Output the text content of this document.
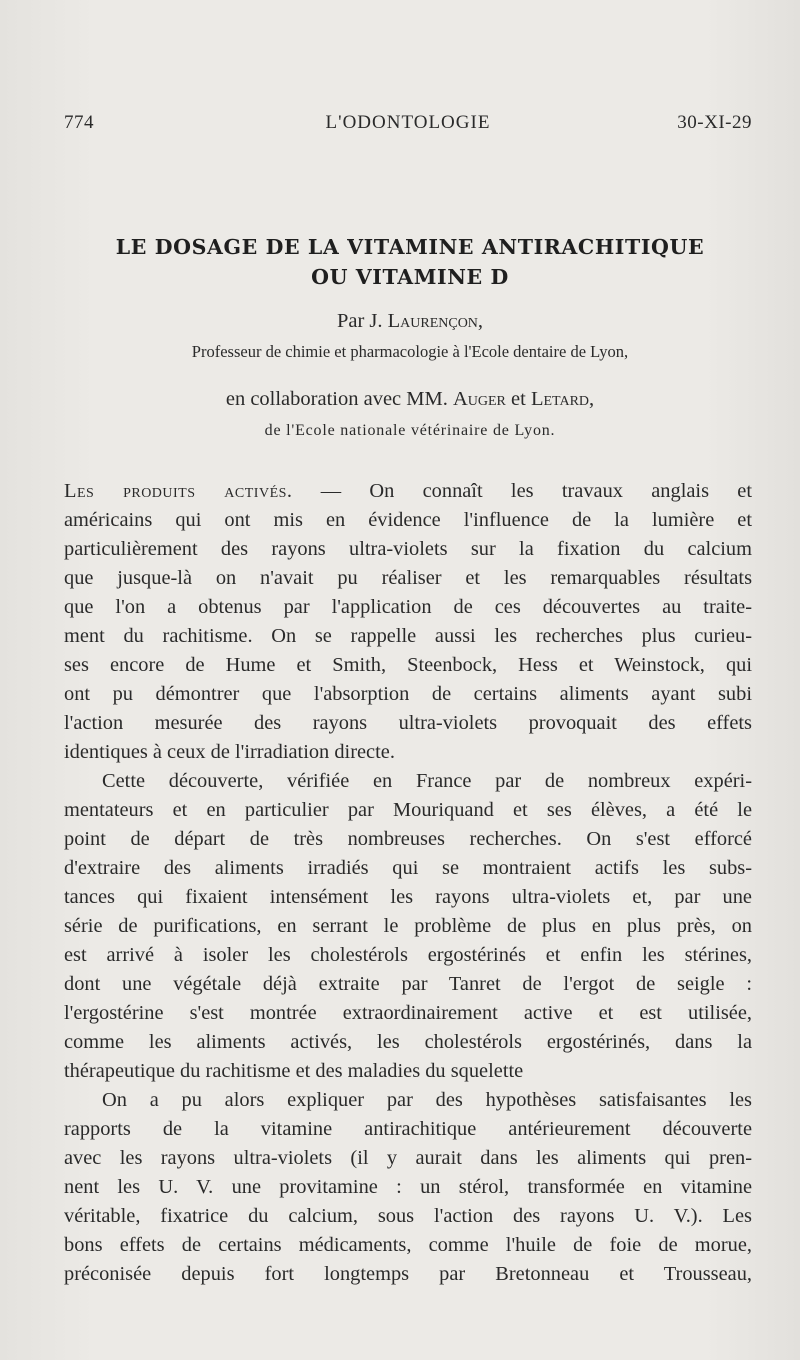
774	L'ODONTOLOGIE	30-XI-29
LE DOSAGE DE LA VITAMINE ANTIRACHITIQUE
OU VITAMINE D
Par J. Laurençon,
Professeur de chimie et pharmacologie à l'Ecole dentaire de Lyon,
en collaboration avec MM. Auger et Letard,
de l'Ecole nationale vétérinaire de Lyon.
Les produits activés. — On connaît les travaux anglais et
américains qui ont mis en évidence l'influence de la lumière et
particulièrement des rayons ultra-violets sur la fixation du calcium
que jusque-là on n'avait pu réaliser et les remarquables résultats
que l'on a obtenus par l'application de ces découvertes au traite-
ment du rachitisme. On se rappelle aussi les recherches plus curieu-
ses encore de Hume et Smith, Steenbock, Hess et Weinstock, qui
ont pu démontrer que l'absorption de certains aliments ayant subi
l'action mesurée des rayons ultra-violets provoquait des effets
identiques à ceux de l'irradiation directe.
Cette découverte, vérifiée en France par de nombreux expéri-
mentateurs et en particulier par Mouriquand et ses élèves, a été le
point de départ de très nombreuses recherches. On s'est efforcé
d'extraire des aliments irradiés qui se montraient actifs les subs-
tances qui fixaient intensément les rayons ultra-violets et, par une
série de purifications, en serrant le problème de plus en plus près, on
est arrivé à isoler les cholestérols ergostérinés et enfin les stérines,
dont une végétale déjà extraite par Tanret de l'ergot de seigle :
l'ergostérine s'est montrée extraordinairement active et est utilisée,
comme les aliments activés, les cholestérols ergostérinés, dans la
thérapeutique du rachitisme et des maladies du squelette
On a pu alors expliquer par des hypothèses satisfaisantes les
rapports de la vitamine antirachitique antérieurement découverte
avec les rayons ultra-violets (il y aurait dans les aliments qui pren-
nent les U. V. une provitamine : un stérol, transformée en vitamine
véritable, fixatrice du calcium, sous l'action des rayons U. V.). Les
bons effets de certains médicaments, comme l'huile de foie de morue,
préconisée depuis fort longtemps par Bretonneau et Trousseau,
